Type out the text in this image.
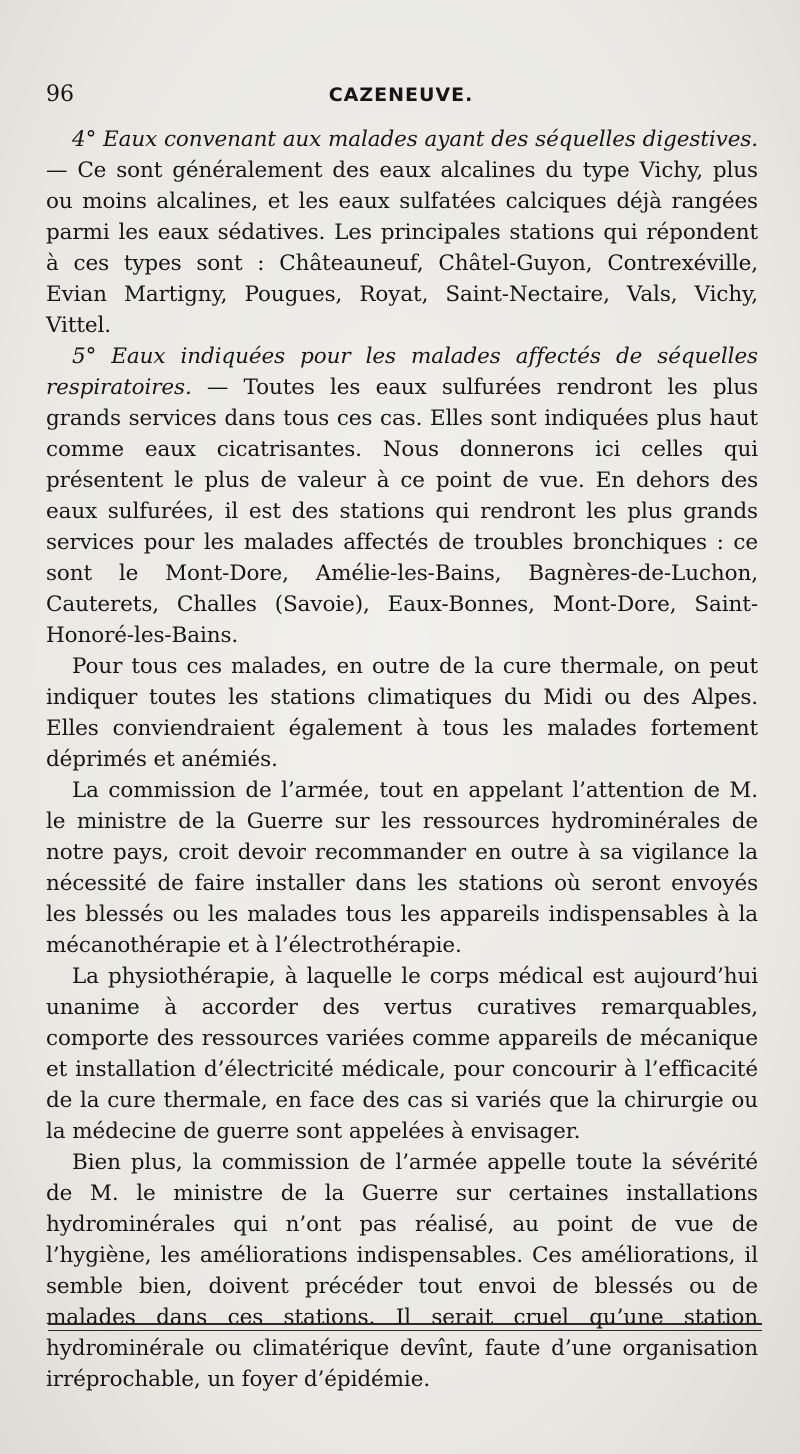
96	CAZENEUVE.

4° Eaux convenant aux malades ayant des séquelles digestives. — Ce sont généralement des eaux alcalines du type Vichy, plus ou moins alcalines, et les eaux sulfatées calciques déjà rangées parmi les eaux sédatives. Les principales stations qui répondent à ces types sont : Châteauneuf, Châtel-Guyon, Contrexéville, Evian Martigny, Pougues, Royat, Saint-Nectaire, Vals, Vichy, Vittel.

5° Eaux indiquées pour les malades affectés de séquelles respiratoires. — Toutes les eaux sulfurées rendront les plus grands services dans tous ces cas. Elles sont indiquées plus haut comme eaux cicatrisantes. Nous donnerons ici celles qui présentent le plus de valeur à ce point de vue. En dehors des eaux sulfurées, il est des stations qui rendront les plus grands services pour les malades affectés de troubles bronchiques : ce sont le Mont-Dore, Amélie-les-Bains, Bagnères-de-Luchon, Cauterets, Challes (Savoie), Eaux-Bonnes, Mont-Dore, Saint-Honoré-les-Bains.

Pour tous ces malades, en outre de la cure thermale, on peut indiquer toutes les stations climatiques du Midi ou des Alpes. Elles conviendraient également à tous les malades fortement déprimés et anémiés.

La commission de l’armée, tout en appelant l’attention de M. le ministre de la Guerre sur les ressources hydrominérales de notre pays, croit devoir recommander en outre à sa vigilance la nécessité de faire installer dans les stations où seront envoyés les blessés ou les malades tous les appareils indispensables à la mécanothérapie et à l’électrothérapie.

La physiothérapie, à laquelle le corps médical est aujourd’hui unanime à accorder des vertus curatives remarquables, comporte des ressources variées comme appareils de mécanique et installation d’électricité médicale, pour concourir à l’efficacité de la cure thermale, en face des cas si variés que la chirurgie ou la médecine de guerre sont appelées à envisager.

Bien plus, la commission de l’armée appelle toute la sévérité de M. le ministre de la Guerre sur certaines installations hydrominérales qui n’ont pas réalisé, au point de vue de l’hygiène, les améliorations indispensables. Ces améliorations, il semble bien, doivent précéder tout envoi de blessés ou de malades dans ces stations. Il serait cruel qu’une station hydrominérale ou climatérique devînt, faute d’une organisation irréprochable, un foyer d’épidémie.
